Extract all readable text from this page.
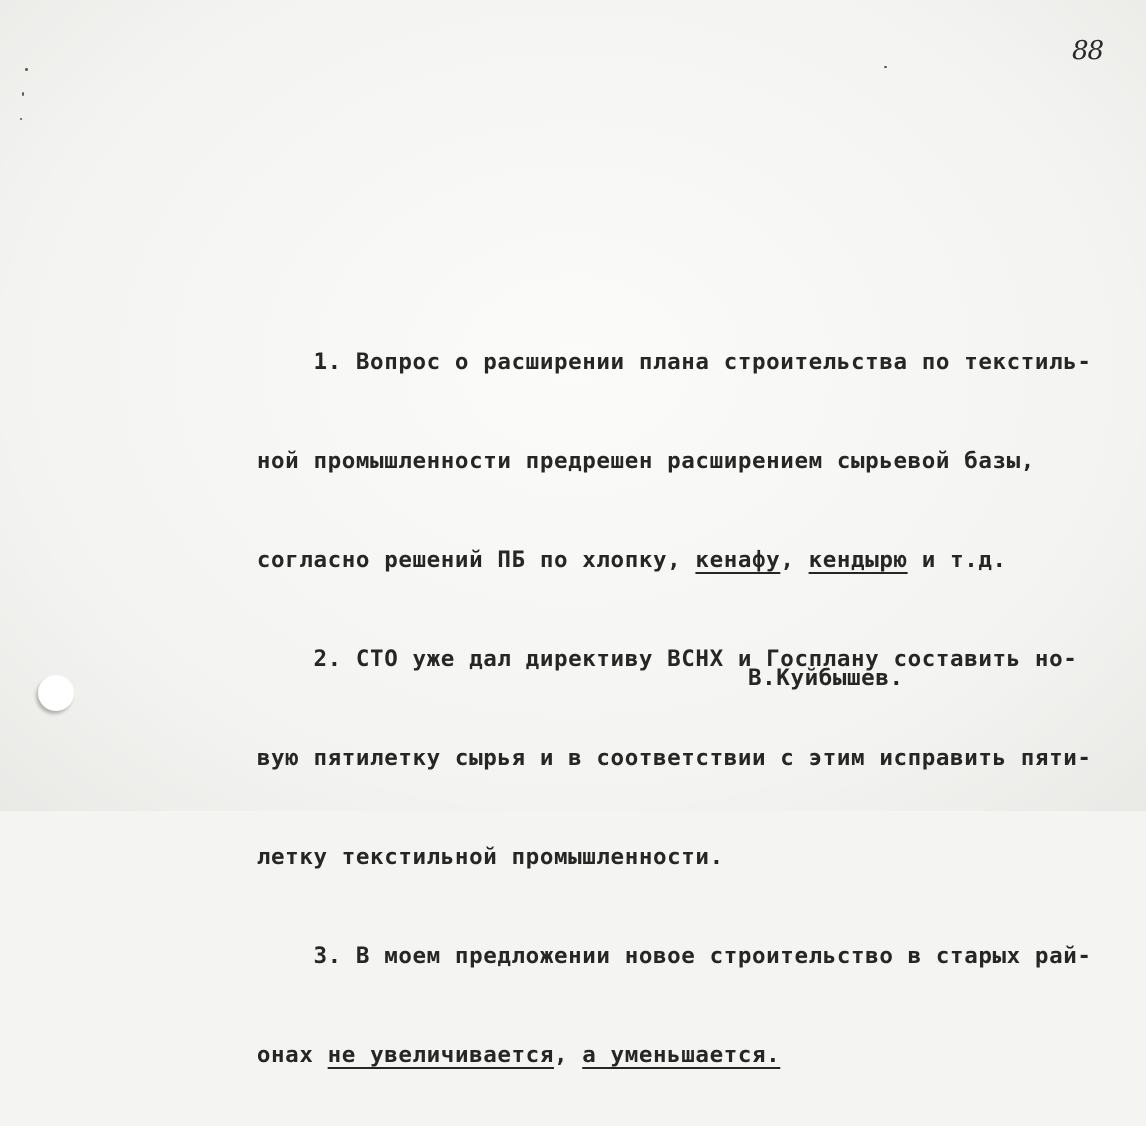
88

1. Вопрос о расширении плана строительства по текстиль-

ной промышленности предрешен расширением сырьевой базы,

согласно решений ПБ по хлопку, кенафу, кендырю и т.д.

2. СТО уже дал директиву ВСНХ и Госплану составить но-

вую пятилетку сырья и в соответствии с этим исправить пяти-

летку текстильной промышленности.

3. В моем предложении новое строительство в старых рай-

онах не увеличивается, а уменьшается.

В.Куйбышев.
